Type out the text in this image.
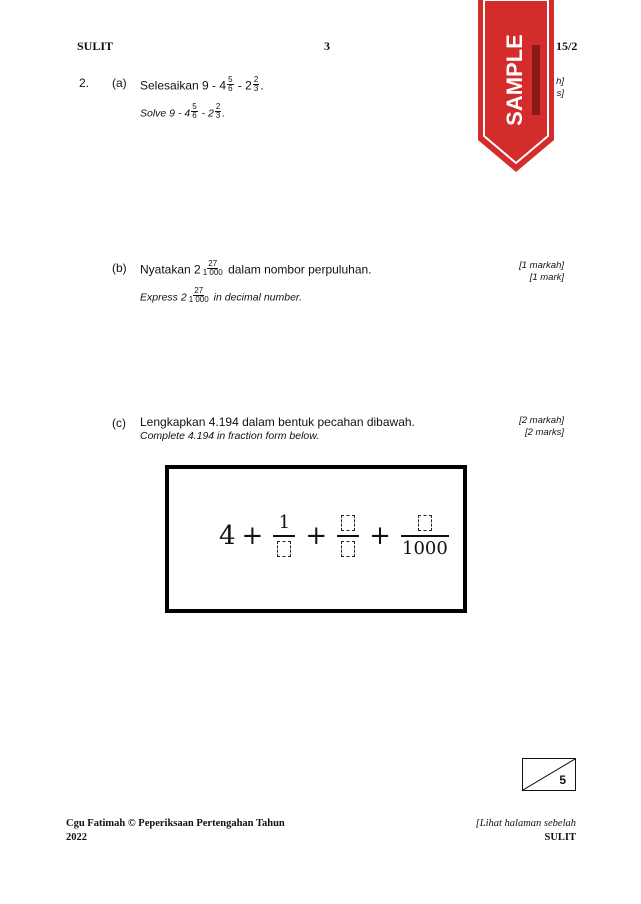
SULIT	3	15/2
2. (a) Selesaikan $9 - 4 \frac{5}{6} - 2 \frac{2}{3}$ .
Solve $9 - 4 \frac{5}{6} - 2 \frac{2}{3}$ .
h]
s]
(b) Nyatakan $2 \frac{27}{1 000}$ dalam nombor perpuluhan.
Express $2 \frac{27}{1 000}$ in decimal number.
[1 markah]
[1 mark]
(c) Lengkapkan 4.194 dalam bentuk pecahan dibawah.
Complete 4.194 in fraction form below.
[2 markah]
[2 marks]
4 + 1 + + 1000
SAMPLE
5
Cgu Fatimah © Peperiksaan Pertengahan Tahun
2022
[Lihat halaman sebelah
SULIT
